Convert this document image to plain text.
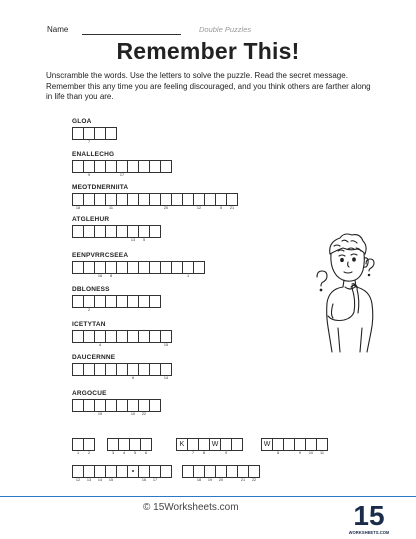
Name	Double Puzzles
Remember This!
Unscramble the words. Use the letters to solve the puzzle. Read the secret message. Remember this any time you are feeling discouraged, and you think others are farther along in life than you are.
GLOA
7
ENALLECHG
9	17
MEOTDNERNIITA
18	11	20	12	5	21
ATGLEHUR
13	5
EENPVRRCSEEA
16	8	1
DBLONESS
2
ICETYTAN
4	15
DAUCERNNE
6	14
ARGOCUE
19	10	22
1	2	3	4	5	6
K
7	8
W
9
W
8	9	10	11
12	13	14	15	16	17	18	19	20	21	22
© 15Worksheets.com	15
WORKSHEETS.COM
